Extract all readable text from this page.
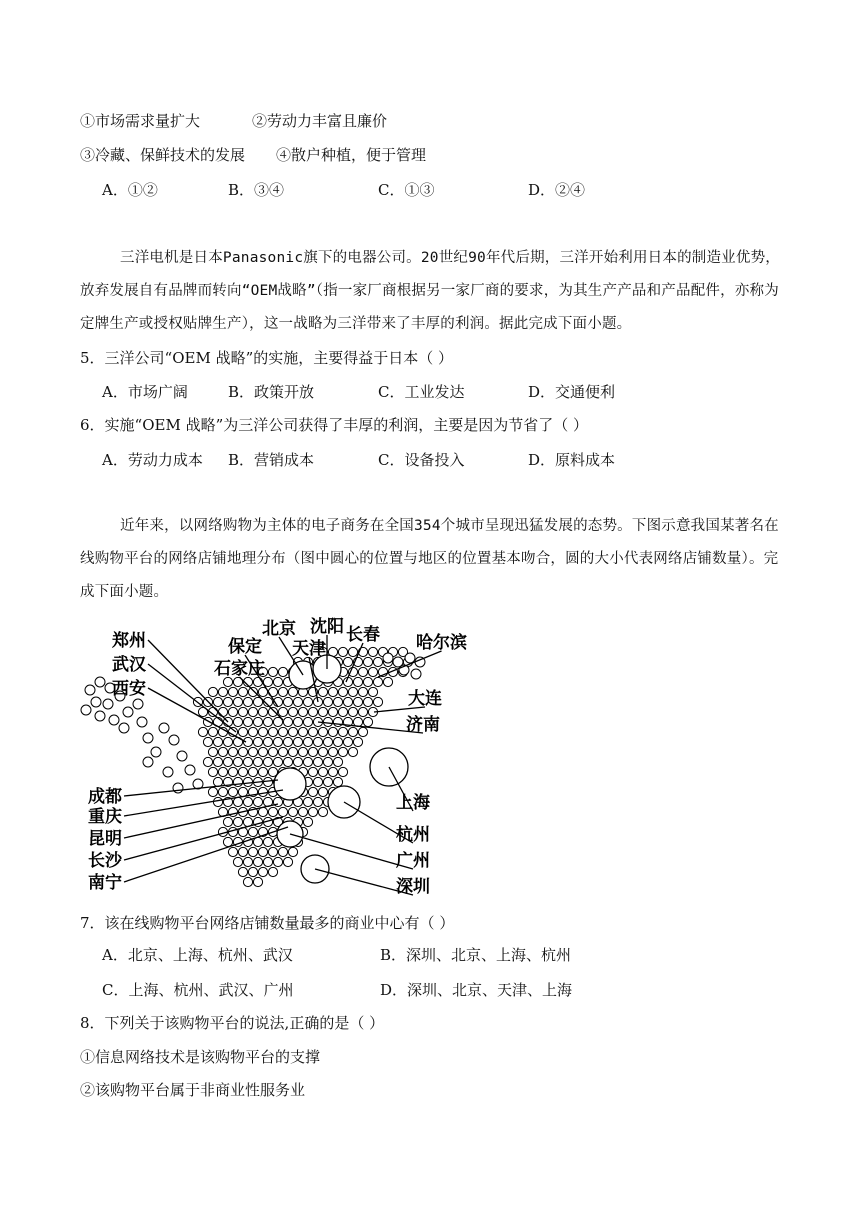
①市场需求量扩大	②劳动力丰富且廉价
③冷藏、保鲜技术的发展 ④散户种植，便于管理
A．①②	B．③④	C．①③	D．②④
三洋电机是日本Panasonic旗下的电器公司。20世纪90年代后期，三洋开始利用日本的制造业优势，放弃发展自有品牌而转向“OEM战略”（指一家厂商根据另一家厂商的要求，为其生产产品和产品配件，亦称为定牌生产或授权贴牌生产），这一战略为三洋带来了丰厚的利润。据此完成下面小题。
5．三洋公司“OEM 战略”的实施，主要得益于日本（ ）
A．市场广阔	B．政策开放	C．工业发达	D．交通便利
6．实施“OEM 战略”为三洋公司获得了丰厚的利润，主要是因为节省了（ ）
A．劳动力成本 B．营销成本	C．设备投入	D．原料成本
近年来，以网络购物为主体的电子商务在全国354个城市呈现迅猛发展的态势。下图示意我国某著名在线购物平台的网络店铺地理分布（图中圆心的位置与地区的位置基本吻合，圆的大小代表网络店铺数量）。完成下面小题。
郑州
武汉
西安
保定
石家庄
北京
天津
沈阳 长春 哈尔滨
大连
济南
上海
杭州
广州
深圳
成都
重庆
昆明
长沙
南宁
7．该在线购物平台网络店铺数量最多的商业中心有（ ）
A．北京、上海、杭州、武汉	B．深圳、北京、上海、杭州
C．上海、杭州、武汉、广州	D．深圳、北京、天津、上海
8．下列关于该购物平台的说法,正确的是（ ）
①信息网络技术是该购物平台的支撑
②该购物平台属于非商业性服务业
